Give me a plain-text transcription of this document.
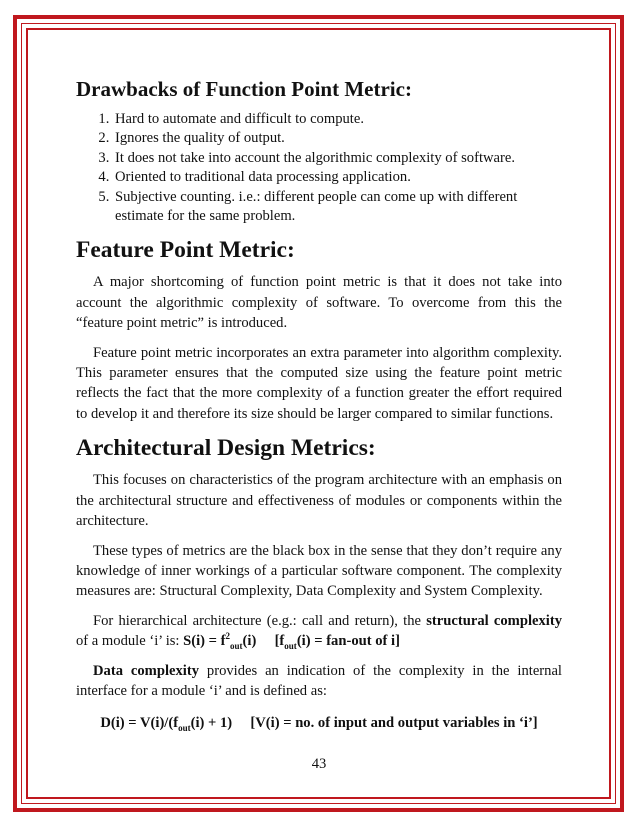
Drawbacks of Function Point Metric:
1. Hard to automate and difficult to compute.
2. Ignores the quality of output.
3. It does not take into account the algorithmic complexity of software.
4. Oriented to traditional data processing application.
5. Subjective counting. i.e.: different people can come up with different estimate for the same problem.
Feature Point Metric:

A major shortcoming of function point metric is that it does not take into account the algorithmic complexity of software. To overcome from this the “feature point metric” is introduced.

Feature point metric incorporates an extra parameter into algorithm complexity. This parameter ensures that the computed size using the feature point metric reflects the fact that the more complexity of a function greater the effort required to develop it and therefore its size should be larger compared to similar functions.

Architectural Design Metrics:

This focuses on characteristics of the program architecture with an emphasis on the architectural structure and effectiveness of modules or components within the architecture.

These types of metrics are the black box in the sense that they don’t require any knowledge of inner workings of a particular software component. The complexity measures are: Structural Complexity, Data Complexity and System Complexity.

For hierarchical architecture (e.g.: call and return), the structural complexity of a module ‘i’ is: $S(i) = f^2_{out}(i) [f_{out}(i) = fan-out$ of i]

Data complexity provides an indication of the complexity in the internal interface for a module ‘i’ and is defined as:

$D(i) = V(i)/(f_{out}(i) + 1) [V(i)$ = no. of input and output variables in ‘i’]
43
